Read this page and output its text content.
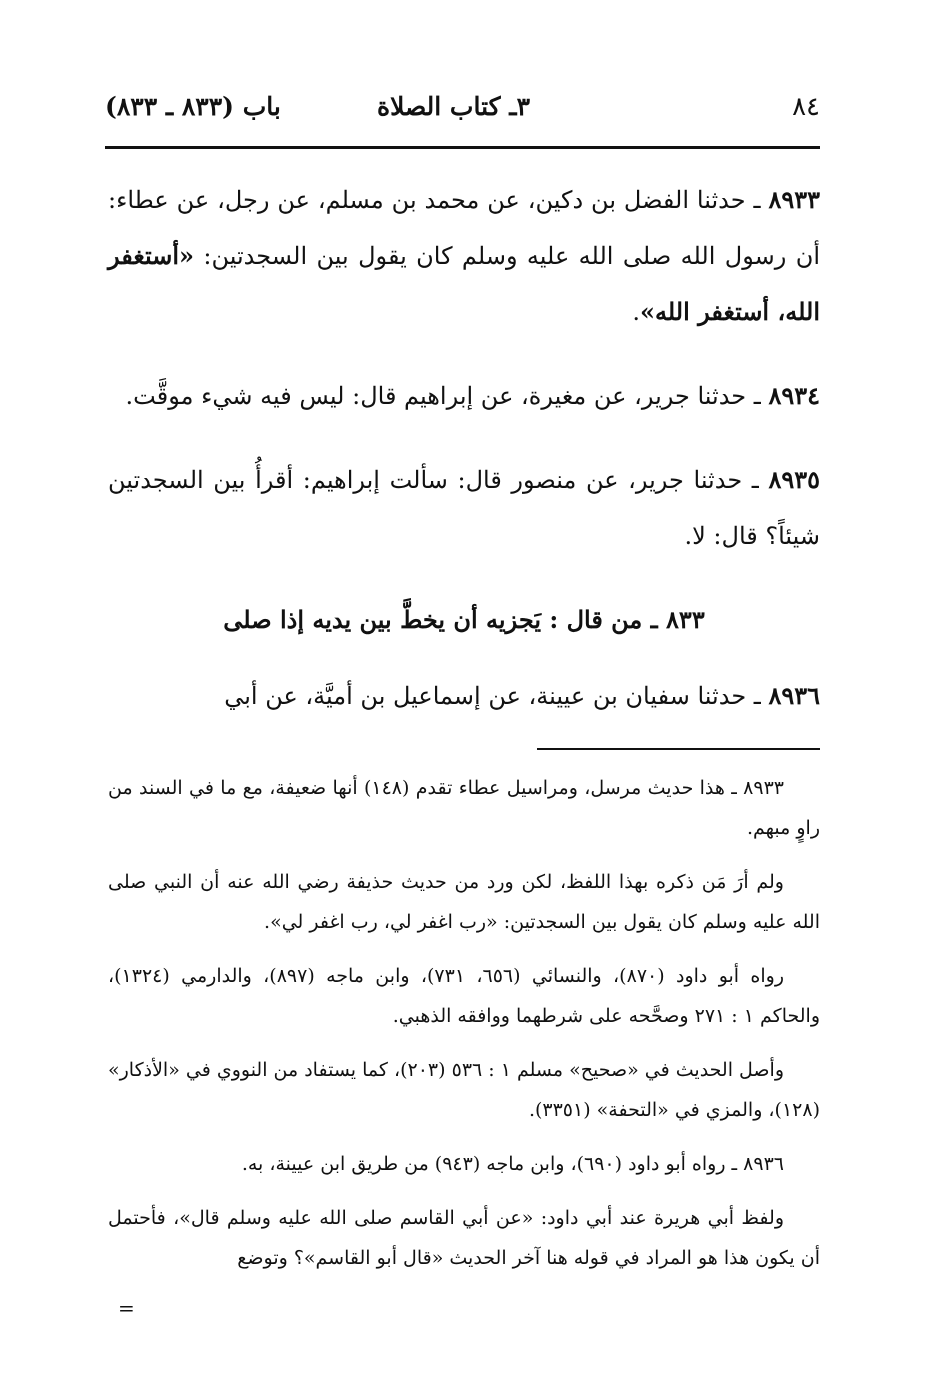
٨٤
٣ـ كتاب الصلاة
باب (٨٣٣ ـ ٨٣٣)

٨٩٣٣ ـ حدثنا الفضل بن دكين، عن محمد بن مسلم، عن رجل، عن عطاء: أن رسول الله صلى الله عليه وسلم كان يقول بين السجدتين: «أستغفر الله، أستغفر الله».

٨٩٣٤ ـ حدثنا جرير، عن مغيرة، عن إبراهيم قال: ليس فيه شيء موقَّت.

٨٩٣٥ ـ حدثنا جرير، عن منصور قال: سألت إبراهيم: أقرأُ بين السجدتين شيئاً؟ قال: لا.

٨٣٣ ـ من قال : يَجزيه أن يخطَّ بين يديه إذا صلى

٨٩٣٦ ـ حدثنا سفيان بن عيينة، عن إسماعيل بن أميَّة، عن أبي

٨٩٣٣ ـ هذا حديث مرسل، ومراسيل عطاء تقدم (١٤٨) أنها ضعيفة، مع ما في السند من راوٍ مبهم.

ولم أرَ مَن ذكره بهذا اللفظ، لكن ورد من حديث حذيفة رضي الله عنه أن النبي صلى الله عليه وسلم كان يقول بين السجدتين: «رب اغفر لي، رب اغفر لي».

رواه أبو داود (٨٧٠)، والنسائي (٦٥٦، ٧٣١)، وابن ماجه (٨٩٧)، والدارمي (١٣٢٤)، والحاكم ١ : ٢٧١ وصحَّحه على شرطهما ووافقه الذهبي.

وأصل الحديث في «صحيح» مسلم ١ : ٥٣٦ (٢٠٣)، كما يستفاد من النووي في «الأذكار» (١٢٨)، والمزي في «التحفة» (٣٣٥١).

٨٩٣٦ ـ رواه أبو داود (٦٩٠)، وابن ماجه (٩٤٣) من طريق ابن عيينة، به.

ولفظ أبي هريرة عند أبي داود: «عن أبي القاسم صلى الله عليه وسلم قال»، فأحتمل أن يكون هذا هو المراد في قوله هنا آخر الحديث «قال أبو القاسم»؟ وتوضع

=
